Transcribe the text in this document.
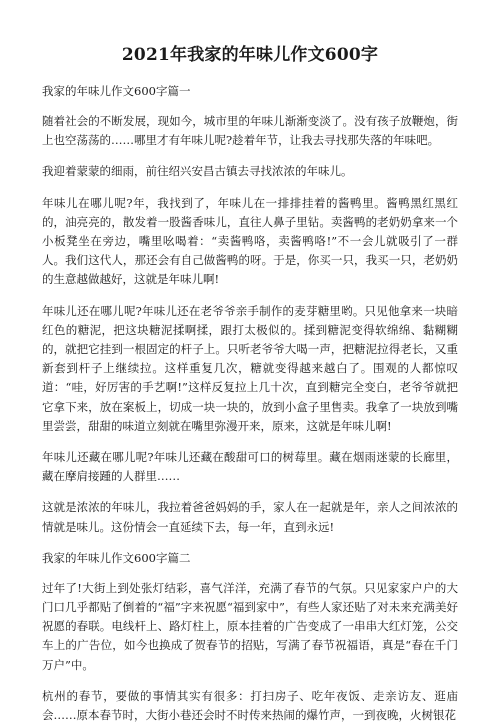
2021年我家的年味儿作文600字

我家的年味儿作文600字篇一

随着社会的不断发展，现如今，城市里的年味儿渐渐变淡了。没有孩子放鞭炮，街上也空荡荡的……哪里才有年味儿呢?趁着年节，让我去寻找那失落的年味吧。

我迎着蒙蒙的细雨，前往绍兴安昌古镇去寻找浓浓的年味儿。

年味儿在哪儿呢?年，我找到了，年味儿在一排排挂着的酱鸭里。酱鸭黑红黑红的，油亮亮的，散发着一股酱香味儿，直往人鼻子里钻。卖酱鸭的老奶奶拿来一个小板凳坐在旁边，嘴里吆喝着：“卖酱鸭咯，卖酱鸭咯!”不一会儿就吸引了一群人。我们这代人，那还会有自己做酱鸭的呀。于是，你买一只，我买一只，老奶奶的生意越做越好，这就是年味儿啊!

年味儿还在哪儿呢?年味儿还在老爷爷亲手制作的麦芽糖里哟。只见他拿来一块暗红色的糖泥，把这块糖泥揉啊揉，跟打太极似的。揉到糖泥变得软绵绵、黏糊糊的，就把它挂到一根固定的杆子上。只听老爷爷大喝一声，把糖泥拉得老长，又重新套到杆子上继续拉。这样重复几次，糖就变得越来越白了。围观的人都惊叹道：“哇，好厉害的手艺啊!”这样反复拉上几十次，直到糖完全变白，老爷爷就把它拿下来，放在案板上，切成一块一块的，放到小盒子里售卖。我拿了一块放到嘴里尝尝，甜甜的味道立刻就在嘴里弥漫开来，原来，这就是年味儿啊!

年味儿还藏在哪儿呢?年味儿还藏在酸甜可口的树莓里。藏在烟雨迷蒙的长廊里，藏在摩肩接踵的人群里……

这就是浓浓的年味儿，我拉着爸爸妈妈的手，家人在一起就是年，亲人之间浓浓的情就是味儿。这份情会一直延续下去，每一年，直到永远!

我家的年味儿作文600字篇二

过年了!大街上到处张灯结彩，喜气洋洋，充满了春节的气氛。只见家家户户的大门口几乎都贴了倒着的“福”字来祝愿“福到家中”，有些人家还贴了对未来充满美好祝愿的春联。电线杆上、路灯柱上，原本挂着的广告变成了一串串大红灯笼，公交车上的广告位，如今也换成了贺春节的招贴，写满了春节祝福语，真是“春在千门万户”中。

杭州的春节，要做的事情其实有很多：打扫房子、吃年夜饭、走亲访友、逛庙会……原本春节时，大街小巷还会时不时传来热闹的爆竹声，一到夜晚，火树银花
